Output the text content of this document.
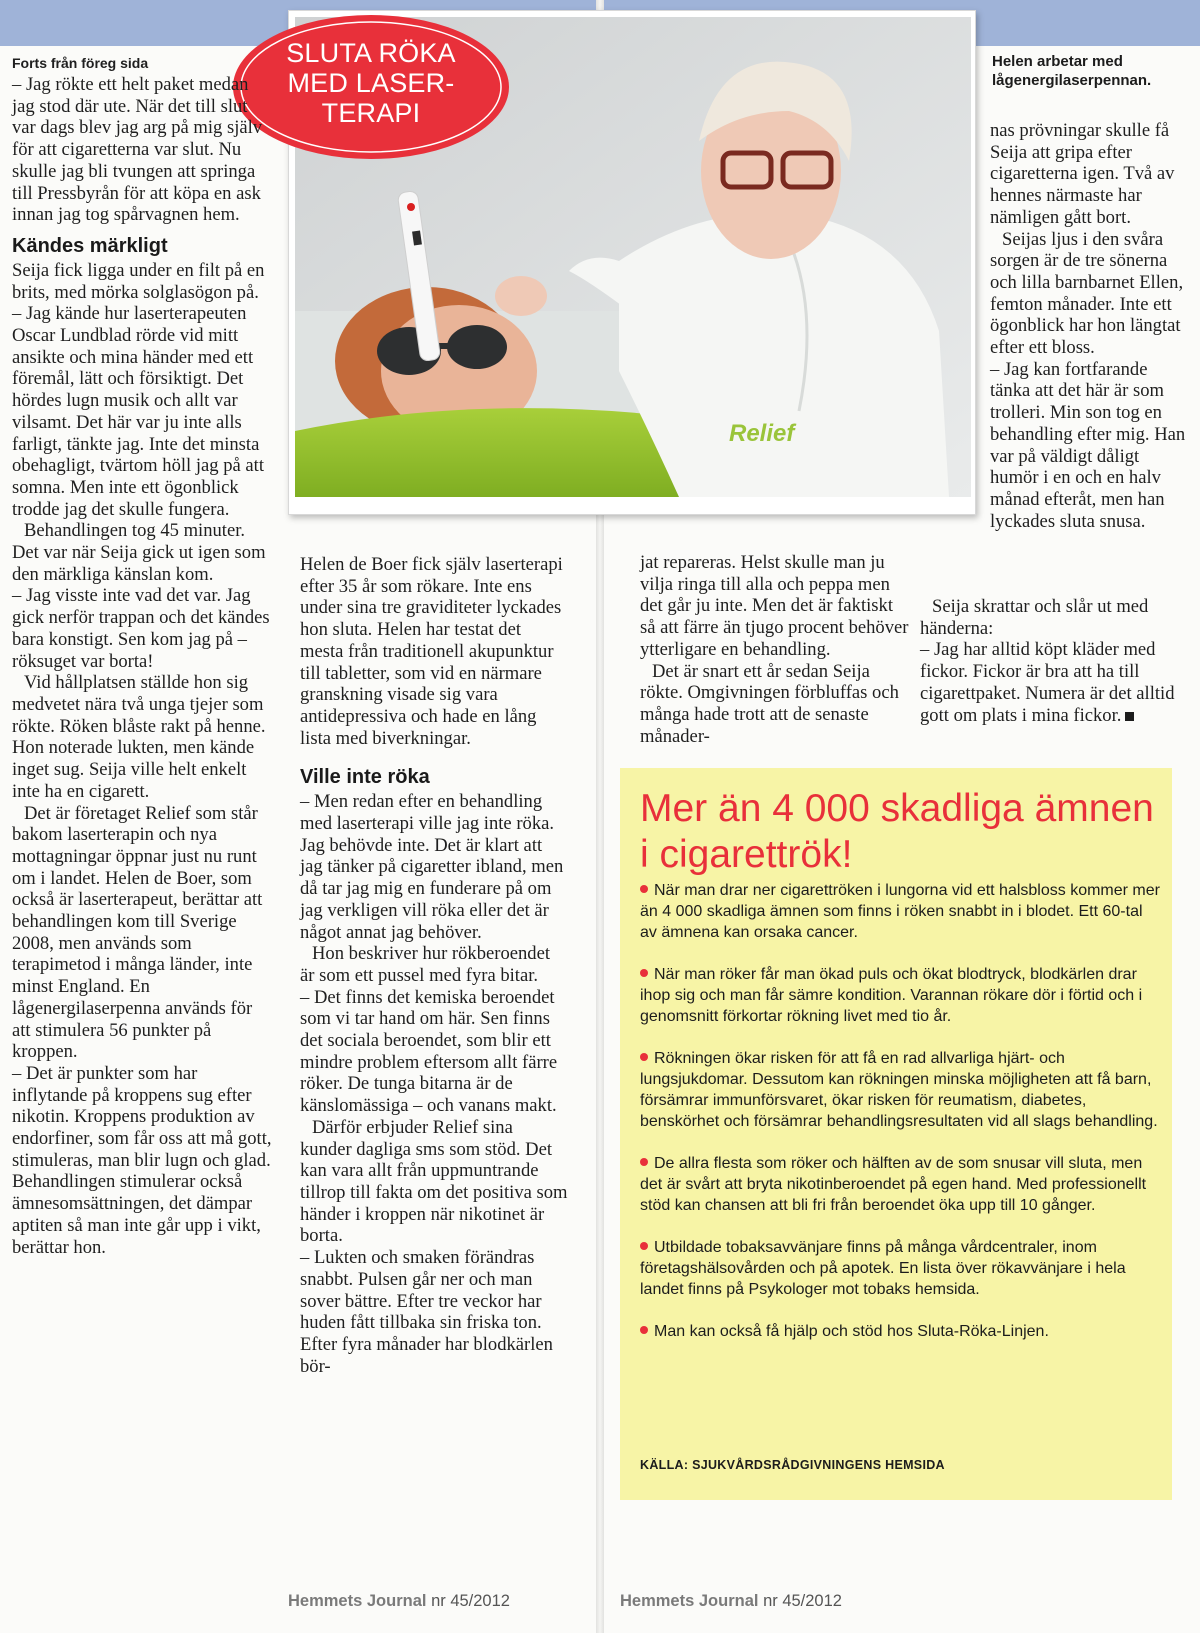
Relief
SLUTA RÖKA
MED LASER-
TERAPI
Helen arbetar med lågenergilaserpennan.
Forts från föreg sida

– Jag rökte ett helt paket medan jag stod där ute. När det till slut var dags blev jag arg på mig själv för att cigaretterna var slut. Nu skulle jag bli tvungen att springa till Pressbyrån för att köpa en ask innan jag tog spårvagnen hem.

Kändes märkligt

Seija fick ligga under en filt på en brits, med mörka solglasögon på.

– Jag kände hur laserterapeuten Oscar Lundblad rörde vid mitt ansikte och mina händer med ett föremål, lätt och försiktigt. Det hördes lugn musik och allt var vilsamt. Det här var ju inte alls farligt, tänkte jag. Inte det minsta obehagligt, tvärtom höll jag på att somna. Men inte ett ögonblick trodde jag det skulle fungera.

Behandlingen tog 45 minuter. Det var när Seija gick ut igen som den märkliga känslan kom.

– Jag visste inte vad det var. Jag gick nerför trappan och det kändes bara konstigt. Sen kom jag på – röksuget var borta!

Vid hållplatsen ställde hon sig medvetet nära två unga tjejer som rökte. Röken blåste rakt på henne. Hon noterade lukten, men kände inget sug. Seija ville helt enkelt inte ha en cigarett.

Det är företaget Relief som står bakom laserterapin och nya mottagningar öppnar just nu runt om i landet. Helen de Boer, som också är laserterapeut, berättar att behandlingen kom till Sverige 2008, men används som terapimetod i många länder, inte minst England. En lågenergilaserpenna används för att stimulera 56 punkter på kroppen.

– Det är punkter som har inflytande på kroppens sug efter nikotin. Kroppens produktion av endorfiner, som får oss att må gott, stimuleras, man blir lugn och glad. Behandlingen stimulerar också ämnesomsättningen, det dämpar aptiten så man inte går upp i vikt, berättar hon.

Helen de Boer fick själv laserterapi efter 35 år som rökare. Inte ens under sina tre graviditeter lyckades hon sluta. Helen har testat det mesta från traditionell akupunktur till tabletter, som vid en närmare granskning visade sig vara antidepressiva och hade en lång lista med biverkningar.

Ville inte röka

– Men redan efter en behandling med laserterapi ville jag inte röka. Jag behövde inte. Det är klart att jag tänker på cigaretter ibland, men då tar jag mig en funderare på om jag verkligen vill röka eller det är något annat jag behöver.

Hon beskriver hur rökberoendet är som ett pussel med fyra bitar.

– Det finns det kemiska beroendet som vi tar hand om här. Sen finns det sociala beroendet, som blir ett mindre problem eftersom allt färre röker. De tunga bitarna är de känslomässiga – och vanans makt.

Därför erbjuder Relief sina kunder dagliga sms som stöd. Det kan vara allt från uppmuntrande tillrop till fakta om det positiva som händer i kroppen när nikotinet är borta.

– Lukten och smaken förändras snabbt. Pulsen går ner och man sover bättre. Efter tre veckor har huden fått tillbaka sin friska ton. Efter fyra månader har blodkärlen bör-

nas prövningar skulle få Seija att gripa efter cigaretterna igen. Två av hennes närmaste har nämligen gått bort.

Seijas ljus i den svåra sorgen är de tre sönerna och lilla barnbarnet Ellen, femton månader. Inte ett ögonblick har hon längtat efter ett bloss.

– Jag kan fortfarande tänka att det här är som trolleri. Min son tog en behandling efter mig. Han var på väldigt dåligt humör i en och en halv månad efteråt, men han lyckades sluta snusa.

jat repareras. Helst skulle man ju vilja ringa till alla och peppa men det går ju inte. Men det är faktiskt så att färre än tjugo procent behöver ytterligare en behandling.

Det är snart ett år sedan Seija rökte. Omgivningen förbluffas och många hade trott att de senaste månader-

Seija skrattar och slår ut med händerna:

– Jag har alltid köpt kläder med fickor. Fickor är bra att ha till cigarettpaket. Numera är det alltid gott om plats i mina fickor.

Mer än 4 000 skadliga ämnen i cigarettrök!
När man drar ner cigarettröken i lungorna vid ett halsbloss kommer mer än 4 000 skadliga ämnen som finns i röken snabbt in i blodet. Ett 60-tal av ämnena kan orsaka cancer.
När man röker får man ökad puls och ökat blodtryck, blodkärlen drar ihop sig och man får sämre kondition. Varannan rökare dör i förtid och i genomsnitt förkortar rökning livet med tio år.
Rökningen ökar risken för att få en rad allvarliga hjärt- och lungsjukdomar. Dessutom kan rökningen minska möjligheten att få barn, försämrar immunförsvaret, ökar risken för reumatism, diabetes, benskörhet och försämrar behandlingsresultaten vid all slags behandling.
De allra flesta som röker och hälften av de som snusar vill sluta, men det är svårt att bryta nikotinberoendet på egen hand. Med professionellt stöd kan chansen att bli fri från beroendet öka upp till 10 gånger.
Utbildade tobaksavvänjare finns på många vårdcentraler, inom företagshälsovården och på apotek. En lista över rökavvänjare i hela landet finns på Psykologer mot tobaks hemsida.
Man kan också få hjälp och stöd hos Sluta-Röka-Linjen.
KÄLLA: SJUKVÅRDSRÅDGIVNINGENS HEMSIDA
Hemmets Journal nr 45/2012	Hemmets Journal nr 45/2012
